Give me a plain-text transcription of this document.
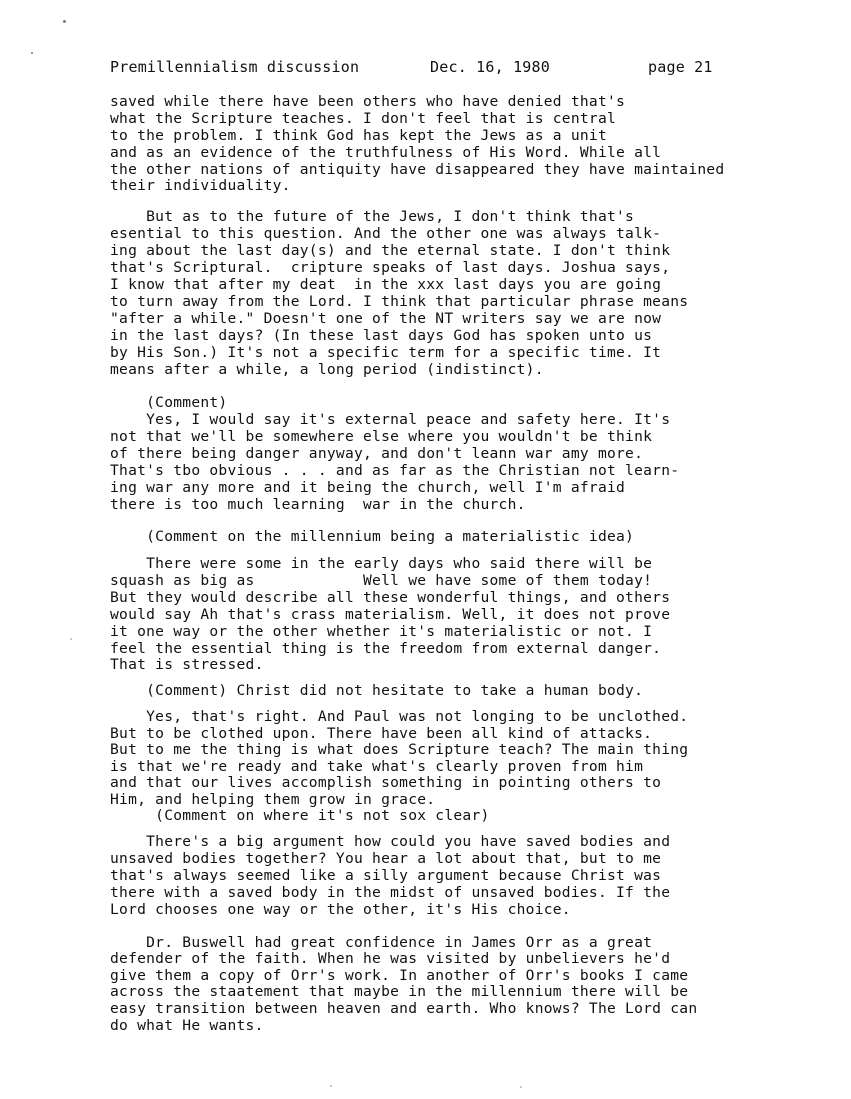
Premillennialism discussion	Dec. 16, 1980	page 21
saved while there have been others who have denied that's
what the Scripture teaches. I don't feel that is central
to the problem. I think God has kept the Jews as a unit
and as an evidence of the truthfulness of His Word. While all
the other nations of antiquity have disappeared they have maintained
their individuality.
But as to the future of the Jews, I don't think that's
esential to this question. And the other one was always talk-
ing about the last day(s) and the eternal state. I don't think
that's Scriptural.  cripture speaks of last days. Joshua says,
I know that after my deat  in the xxx last days you are going
to turn away from the Lord. I think that particular phrase means
"after a while." Doesn't one of the NT writers say we are now
in the last days? (In these last days God has spoken unto us
by His Son.) It's not a specific term for a specific time. It
means after a while, a long period (indistinct).
(Comment)
Yes, I would say it's external peace and safety here. It's
not that we'll be somewhere else where you wouldn't be think
of there being danger anyway, and don't leann war amy more.
That's tbo obvious . . . and as far as the Christian not learn-
ing war any more and it being the church, well I'm afraid
there is too much learning  war in the church.
(Comment on the millennium being a materialistic idea)
There were some in the early days who said there will be
squash as big as            Well we have some of them today!
But they would describe all these wonderful things, and others
would say Ah that's crass materialism. Well, it does not prove
it one way or the other whether it's materialistic or not. I
feel the essential thing is the freedom from external danger.
That is stressed.
(Comment) Christ did not hesitate to take a human body.
Yes, that's right. And Paul was not longing to be unclothed.
But to be clothed upon. There have been all kind of attacks.
But to me the thing is what does Scripture teach? The main thing
is that we're ready and take what's clearly proven from him
and that our lives accomplish something in pointing others to
Him, and helping them grow in grace.
(Comment on where it's not sox clear)
There's a big argument how could you have saved bodies and
unsaved bodies together? You hear a lot about that, but to me
that's always seemed like a silly argument because Christ was
there with a saved body in the midst of unsaved bodies. If the
Lord chooses one way or the other, it's His choice.
Dr. Buswell had great confidence in James Orr as a great
defender of the faith. When he was visited by unbelievers he'd
give them a copy of Orr's work. In another of Orr's books I came
across the staatement that maybe in the millennium there will be
easy transition between heaven and earth. Who knows? The Lord can
do what He wants.
